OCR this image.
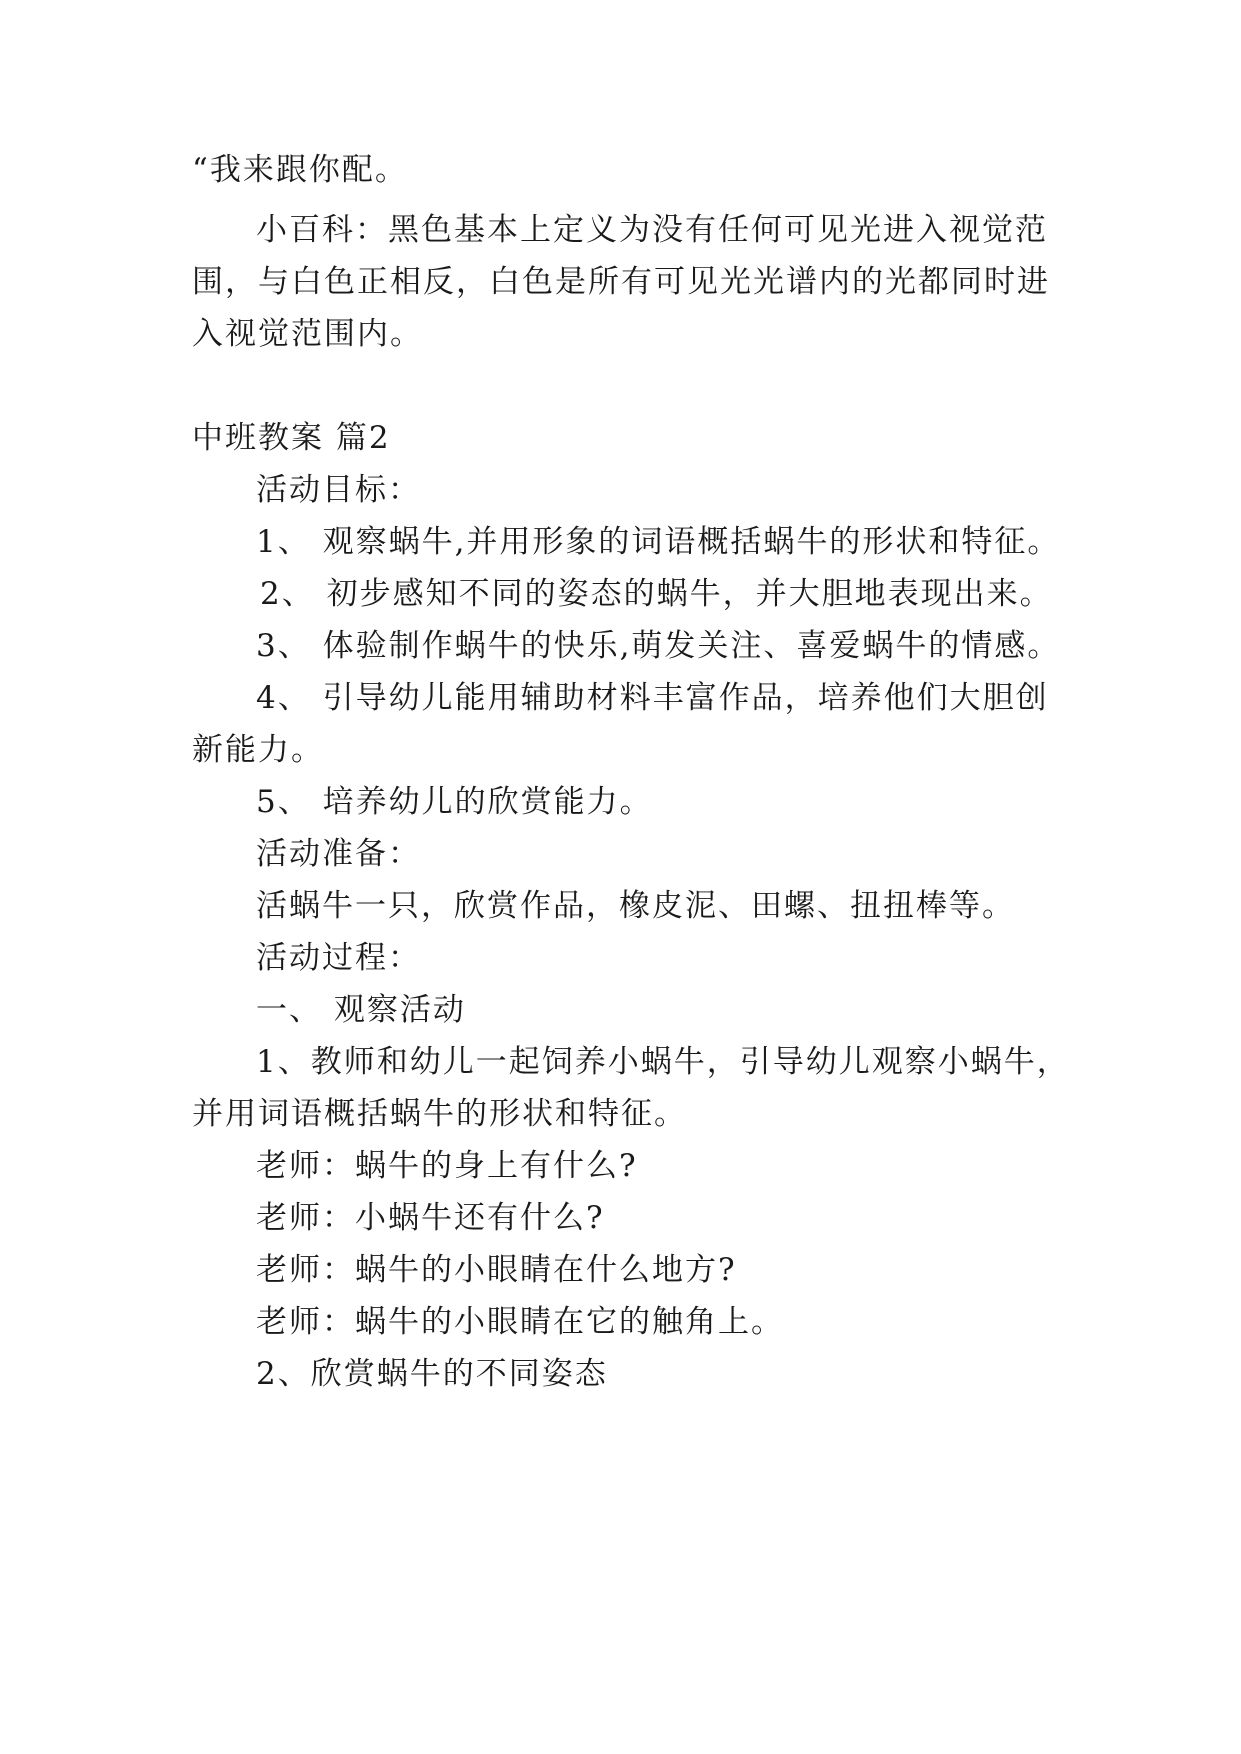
“我来跟你配。
小百科：黑色基本上定义为没有任何可见光进入视觉范
围，与白色正相反，白色是所有可见光光谱内的光都同时进
入视觉范围内。
中班教案 篇2
活动目标：
1、 观察蜗牛,并用形象的词语概括蜗牛的形状和特征。
2、 初步感知不同的姿态的蜗牛，并大胆地表现出来。
3、 体验制作蜗牛的快乐,萌发关注、喜爱蜗牛的情感。
4、 引导幼儿能用辅助材料丰富作品，培养他们大胆创
新能力。
5、 培养幼儿的欣赏能力。
活动准备：
活蜗牛一只，欣赏作品，橡皮泥、田螺、扭扭棒等。
活动过程：
一、 观察活动
1、教师和幼儿一起饲养小蜗牛，引导幼儿观察小蜗牛，
并用词语概括蜗牛的形状和特征。
老师：蜗牛的身上有什么?
老师：小蜗牛还有什么?
老师：蜗牛的小眼睛在什么地方?
老师：蜗牛的小眼睛在它的触角上。
2、欣赏蜗牛的不同姿态
